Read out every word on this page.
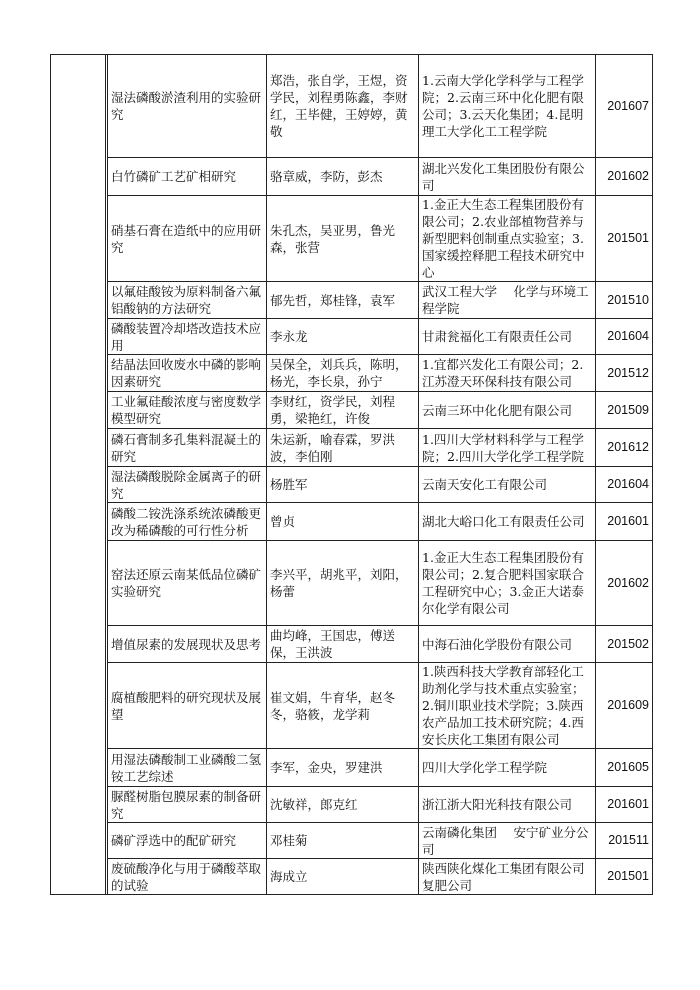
		湿法磷酸淤渣利用的实验研究	郑浩，张自学，王煜，资学民，刘程勇陈鑫，李财红，王毕健，王婷婷，黄敬	1.云南大学化学科学与工程学院；2.云南三环中化化肥有限公司；3.云天化集团；4.昆明理工大学化工工程学院	201607
		白竹磷矿工艺矿相研究	骆章威，李防，彭杰	湖北兴发化工集团股份有限公司	201602
		硝基石膏在造纸中的应用研究	朱孔杰，吴亚男，鲁光森，张营	1.金正大生态工程集团股份有限公司；2.农业部植物营养与新型肥料创制重点实验室；3.国家缓控释肥工程技术研究中心	201501
		以氟硅酸铵为原料制备六氟铝酸钠的方法研究	郁先哲，郑桂锋，袁军	武汉工程大学　 化学与环境工程学院	201510
		磷酸装置冷却塔改造技术应用	李永龙	甘肃瓮福化工有限责任公司	201604
		结晶法回收废水中磷的影响因素研究	吴保全，刘兵兵，陈明，杨光，李长泉，孙宁	1.宜都兴发化工有限公司；2.江苏澄天环保科技有限公司	201512
		工业氟硅酸浓度与密度数学模型研究	李财红，资学民，刘程勇，梁艳红，许俊	云南三环中化化肥有限公司	201509
		磷石膏制多孔集料混凝土的研究	朱运新，喻春霖，罗洪波，李伯刚	1.四川大学材料科学与工程学院；2.四川大学化学工程学院	201612
		湿法磷酸脱除金属离子的研究	杨胜军	云南天安化工有限公司	201604
		磷酸二铵洗涤系统浓磷酸更改为稀磷酸的可行性分析	曾贞	湖北大峪口化工有限责任公司	201601
		窑法还原云南某低品位磷矿实验研究	李兴平，胡兆平，刘阳，杨蕾	1.金正大生态工程集团股份有限公司；2.复合肥料国家联合工程研究中心；3.金正大诺泰尔化学有限公司	201602
		增值尿素的发展现状及思考	曲均峰，王国忠，傅送保，王洪波	中海石油化学股份有限公司	201502
		腐植酸肥料的研究现状及展望	崔文娟，牛育华，赵冬冬，骆筱，龙学莉	1.陕西科技大学教育部轻化工助剂化学与技术重点实验室；2.铜川职业技术学院；3.陕西农产品加工技术研究院；4.西安长庆化工集团有限公司	201609
		用湿法磷酸制工业磷酸二氢铵工艺综述	李军，金央，罗建洪	四川大学化学工程学院	201605
		脲醛树脂包膜尿素的制备研究	沈敏祥，郎克红	浙江浙大阳光科技有限公司	201601
		磷矿浮选中的配矿研究	邓桂菊	云南磷化集团　 安宁矿业分公司	201511
		废硫酸净化与用于磷酸萃取的试验	海成立	陕西陕化煤化工集团有限公司复肥公司	201501
